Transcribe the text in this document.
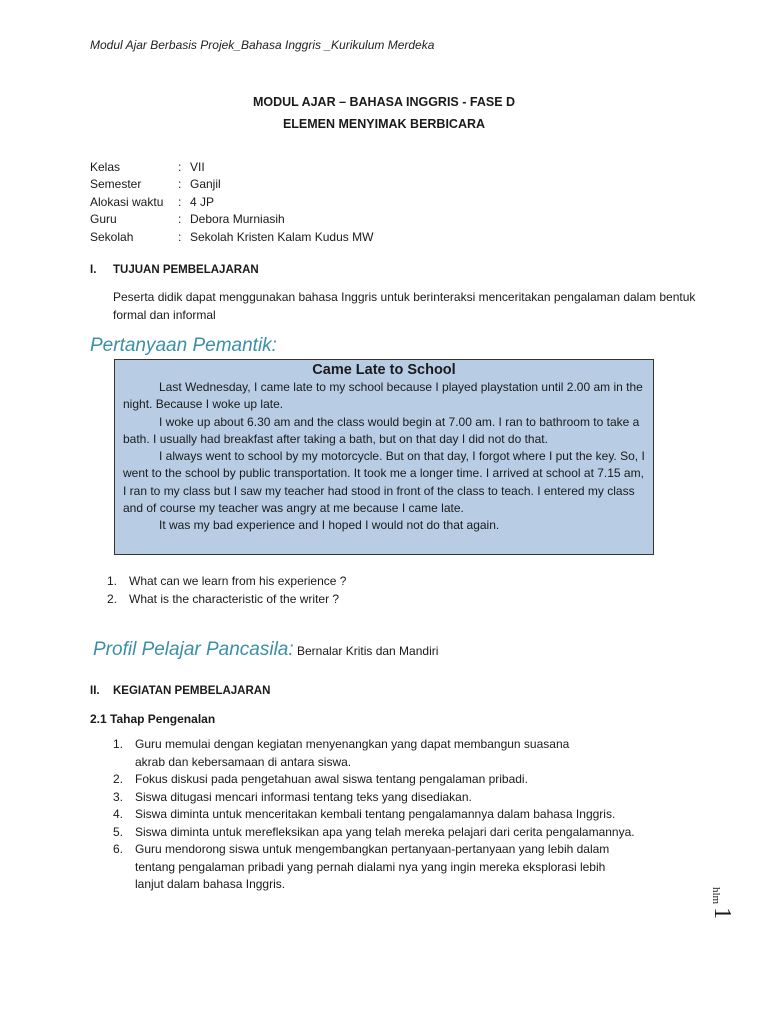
Modul Ajar Berbasis Projek_Bahasa Inggris _Kurikulum Merdeka
MODUL AJAR – BAHASA INGGRIS - FASE D
ELEMEN MENYIMAK BERBICARA
Kelas	: VII
Semester	: Ganjil
Alokasi waktu	: 4 JP
Guru	: Debora Murniasih
Sekolah	: Sekolah Kristen Kalam Kudus MW
I. TUJUAN PEMBELAJARAN
Peserta didik dapat menggunakan bahasa Inggris untuk berinteraksi menceritakan pengalaman dalam bentuk formal dan informal
Pertanyaan Pemantik:
Came Late to School

Last Wednesday, I came late to my school because I played playstation until 2.00 am in the night. Because I woke up late.

I woke up about 6.30 am and the class would begin at 7.00 am. I ran to bathroom to take a bath. I usually had breakfast after taking a bath, but on that day I did not do that.

I always went to school by my motorcycle. But on that day, I forgot where I put the key. So, I went to the school by public transportation. It took me a longer time. I arrived at school at 7.15 am, I ran to my class but I saw my teacher had stood in front of the class to teach. I entered my class and of course my teacher was angry at me because I came late.

It was my bad experience and I hoped I would not do that again.

1. What can we learn from his experience ?
2. What is the characteristic of the writer ?
Profil Pelajar Pancasila: Bernalar Kritis dan Mandiri
II. KEGIATAN PEMBELAJARAN
2.1 Tahap Pengenalan
1. Guru memulai dengan kegiatan menyenangkan yang dapat membangun suasana akrab dan kebersamaan di antara siswa.
2. Fokus diskusi pada pengetahuan awal siswa tentang pengalaman pribadi.
3. Siswa ditugasi mencari informasi tentang teks yang disediakan.
4. Siswa diminta untuk menceritakan kembali tentang pengalamannya dalam bahasa Inggris.
5. Siswa diminta untuk merefleksikan apa yang telah mereka pelajari dari cerita pengalamannya.
6. Guru mendorong siswa untuk mengembangkan pertanyaan-pertanyaan yang lebih dalam tentang pengalaman pribadi yang pernah dialami nya yang ingin mereka eksplorasi lebih lanjut dalam bahasa Inggris.
hlm
1
